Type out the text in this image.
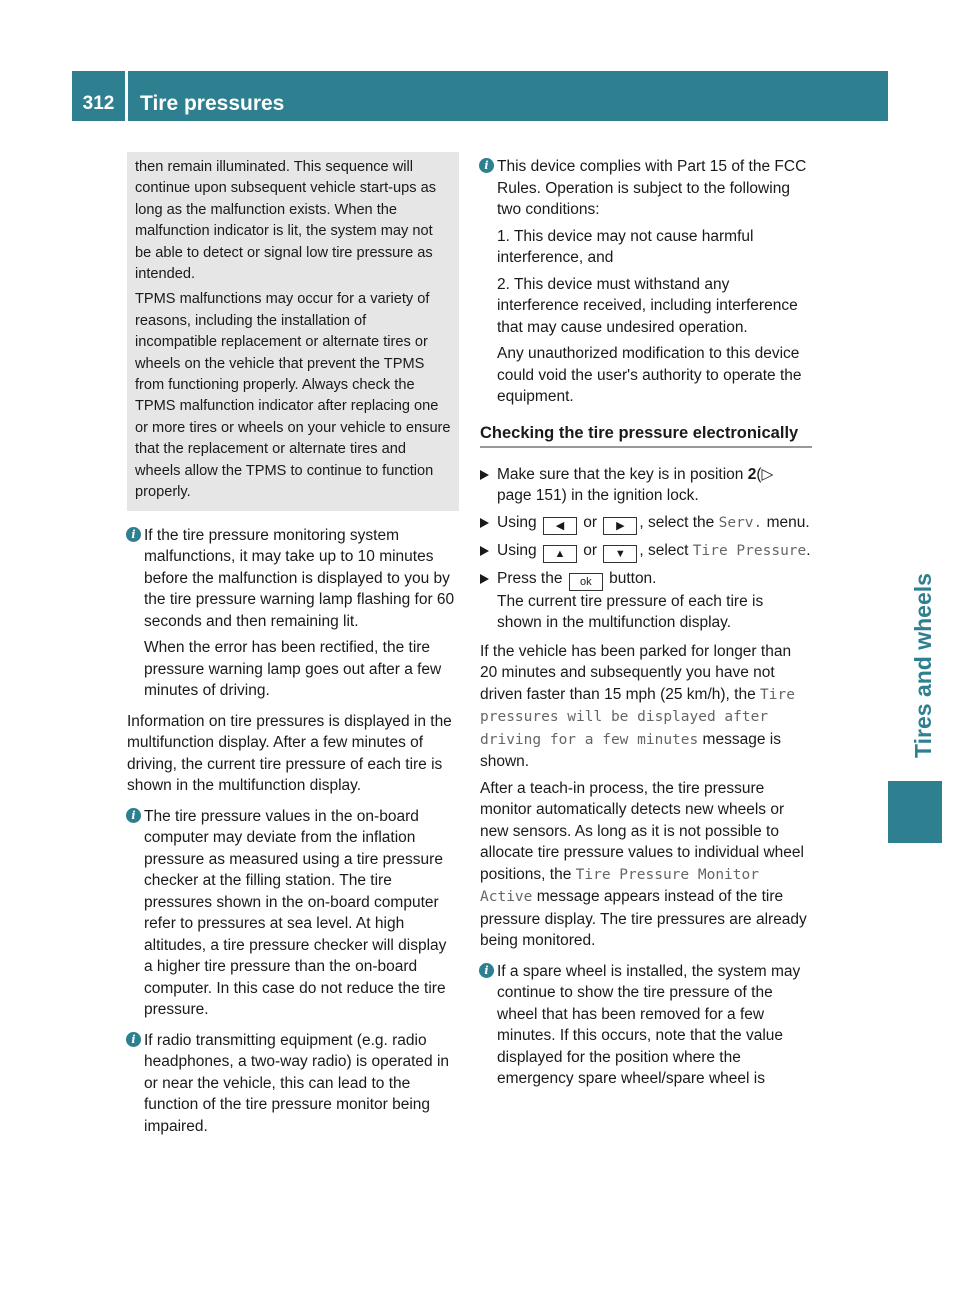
312	Tire pressures
Tires and wheels

then remain illuminated. This sequence will continue upon subsequent vehicle start-ups as long as the malfunction exists. When the malfunction indicator is lit, the system may not be able to detect or signal low tire pressure as intended.

TPMS malfunctions may occur for a variety of reasons, including the installation of incompatible replacement or alternate tires or wheels on the vehicle that prevent the TPMS from functioning properly. Always check the TPMS malfunction indicator after replacing one or more tires or wheels on your vehicle to ensure that the replacement or alternate tires and wheels allow the TPMS to continue to function properly.

i If the tire pressure monitoring system malfunctions, it may take up to 10 minutes before the malfunction is displayed to you by the tire pressure warning lamp flashing for 60 seconds and then remaining lit.

When the error has been rectified, the tire pressure warning lamp goes out after a few minutes of driving.

Information on tire pressures is displayed in the multifunction display. After a few minutes of driving, the current tire pressure of each tire is shown in the multifunction display.

i The tire pressure values in the on-board computer may deviate from the inflation pressure as measured using a tire pressure checker at the filling station. The tire pressures shown in the on-board computer refer to pressures at sea level. At high altitudes, a tire pressure checker will display a higher tire pressure than the on-board computer. In this case do not reduce the tire pressure.

i If radio transmitting equipment (e.g. radio headphones, a two-way radio) is operated in or near the vehicle, this can lead to the function of the tire pressure monitor being impaired.

i This device complies with Part 15 of the FCC Rules. Operation is subject to the following two conditions:

1. This device may not cause harmful interference, and

2. This device must withstand any interference received, including interference that may cause undesired operation.

Any unauthorized modification to this device could void the user's authority to operate the equipment.

Checking the tire pressure electronically
Make sure that the key is in position 2(▷ page 151) in the ignition lock.
Using ◀ or ▶ , select the Serv. menu.
Using ▲ or ▼ , select Tire Pressure.
Press the ok button.
The current tire pressure of each tire is shown in the multifunction display.

If the vehicle has been parked for longer than 20 minutes and subsequently you have not driven faster than 15 mph (25 km/h), the Tire pressures will be displayed after driving for a few minutes message is shown.

After a teach-in process, the tire pressure monitor automatically detects new wheels or new sensors. As long as it is not possible to allocate tire pressure values to individual wheel positions, the Tire Pressure Monitor Active message appears instead of the tire pressure display. The tire pressures are already being monitored.

i If a spare wheel is installed, the system may continue to show the tire pressure of the wheel that has been removed for a few minutes. If this occurs, note that the value displayed for the position where the emergency spare wheel/spare wheel is
